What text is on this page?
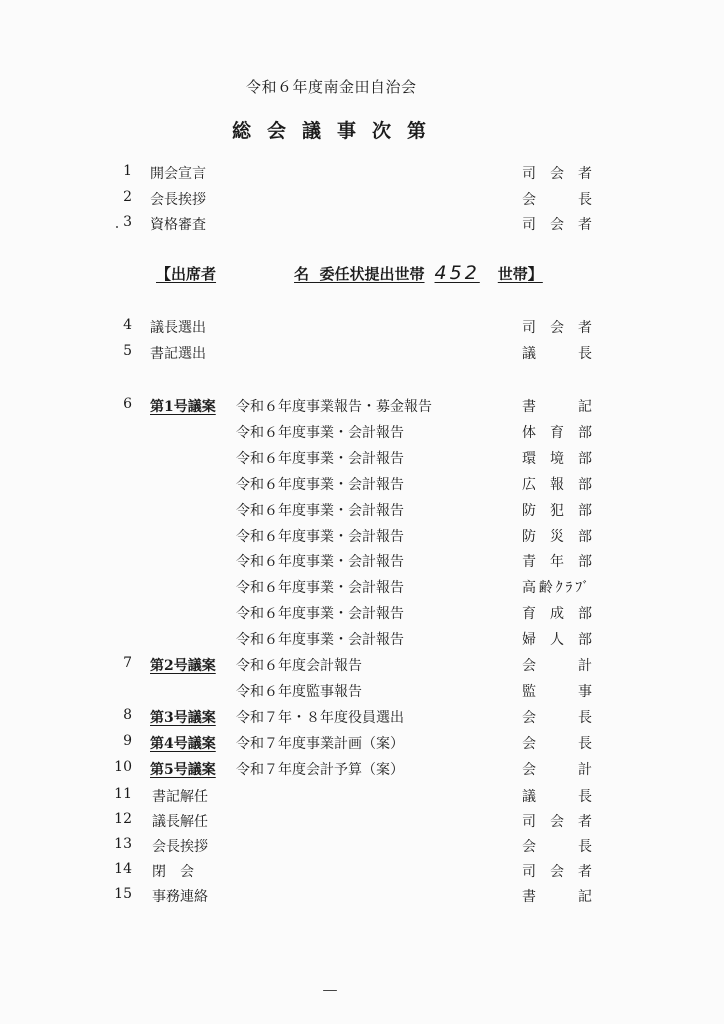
令和６年度南金田自治会
総会議事次第
1 開会宣言	司会者
2 会長挨拶	会長
3 資格審査	司会者
【出席者	名 委任状提出世帯 452 世帯】
4 議長選出	司会者
5 書記選出	議長
6 第1号議案 令和６年度事業報告・募金報告	書記
令和６年度事業・会計報告	体育部
令和６年度事業・会計報告	環境部
令和６年度事業・会計報告	広報部
令和６年度事業・会計報告	防犯部
令和６年度事業・会計報告	防災部
令和６年度事業・会計報告	青年部
令和６年度事業・会計報告	高齢ｸﾗﾌﾞ
令和６年度事業・会計報告	育成部
令和６年度事業・会計報告	婦人部
7 第2号議案 令和６年度会計報告	会計
令和６年度監事報告	監事
8 第3号議案 令和７年・８年度役員選出	会長
9 第4号議案 令和７年度事業計画（案）	会長
10 第5号議案 令和７年度会計予算（案）	会計
11 書記解任	議長
12 議長解任	司会者
13 会長挨拶	会長
14 閉　会	司会者
15 事務連絡	書記
